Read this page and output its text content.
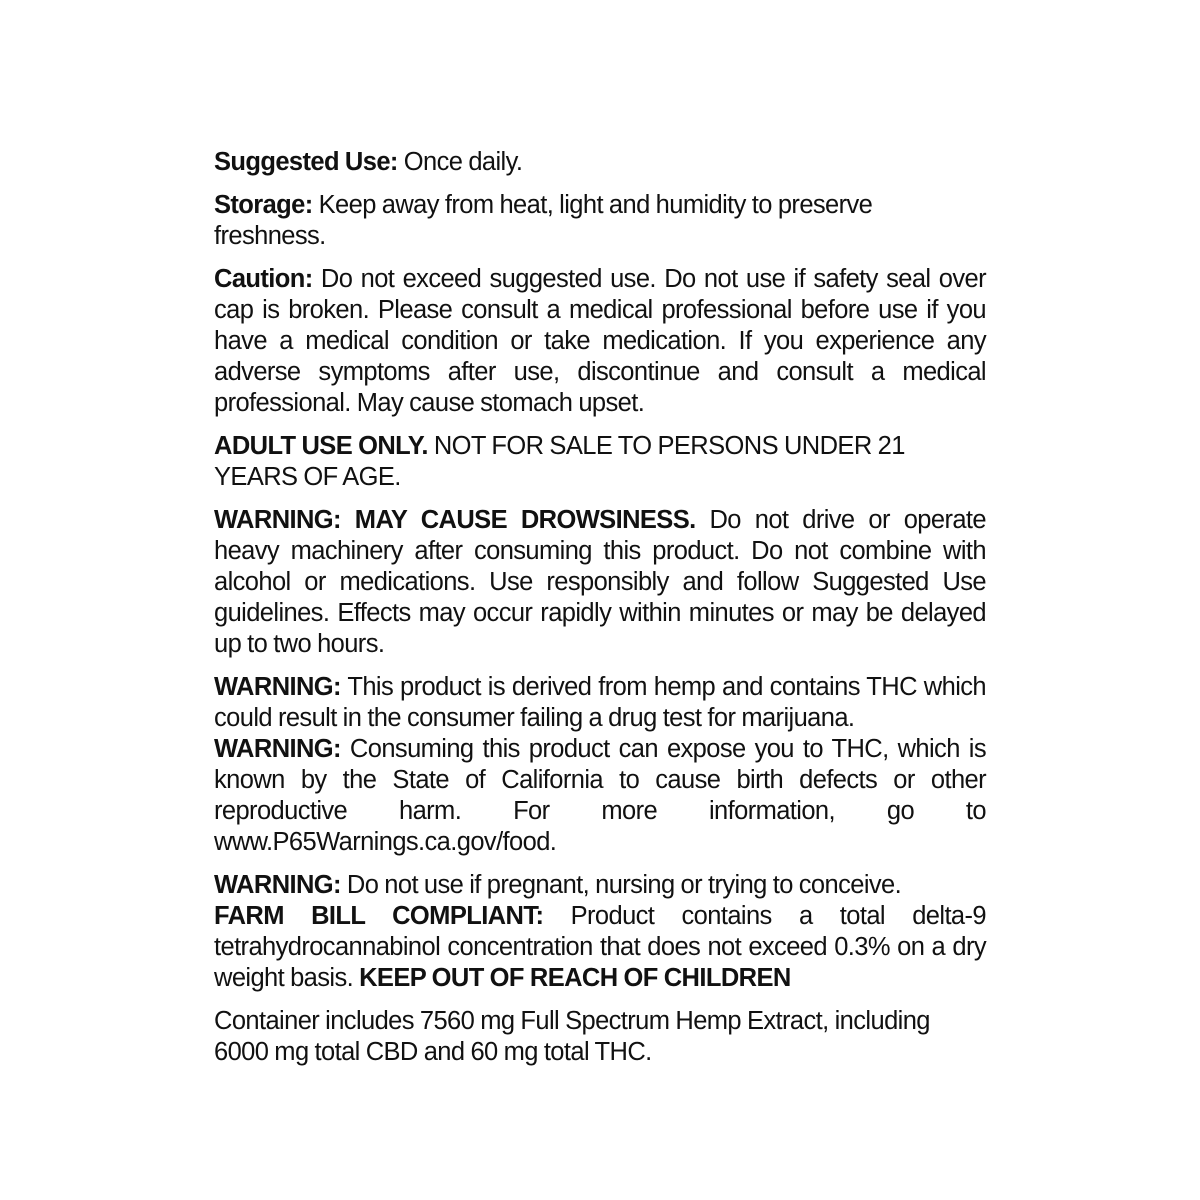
Suggested Use: Once daily.

Storage: Keep away from heat, light and humidity to preserve freshness.

Caution: Do not exceed suggested use. Do not use if safety seal over cap is broken. Please consult a medical professional before use if you have a medical condition or take medication. If you experience any adverse symptoms after use, discontinue and consult a medical professional. May cause stomach upset.

ADULT USE ONLY. NOT FOR SALE TO PERSONS UNDER 21 YEARS OF AGE.

WARNING: MAY CAUSE DROWSINESS. Do not drive or operate heavy machinery after consuming this product. Do not combine with alcohol or medications. Use responsibly and follow Suggested Use guidelines. Effects may occur rapidly within minutes or may be delayed up to two hours.

WARNING: This product is derived from hemp and contains THC which could result in the consumer failing a drug test for marijuana.
WARNING: Consuming this product can expose you to THC, which is known by the State of California to cause birth defects or other reproductive harm. For more information, go to www.P65Warnings.ca.gov/food.

WARNING: Do not use if pregnant, nursing or trying to conceive.
FARM BILL COMPLIANT: Product contains a total delta-9 tetrahydrocannabinol concentration that does not exceed 0.3% on a dry weight basis. KEEP OUT OF REACH OF CHILDREN

Container includes 7560 mg Full Spectrum Hemp Extract, including 6000 mg total CBD and 60 mg total THC.
